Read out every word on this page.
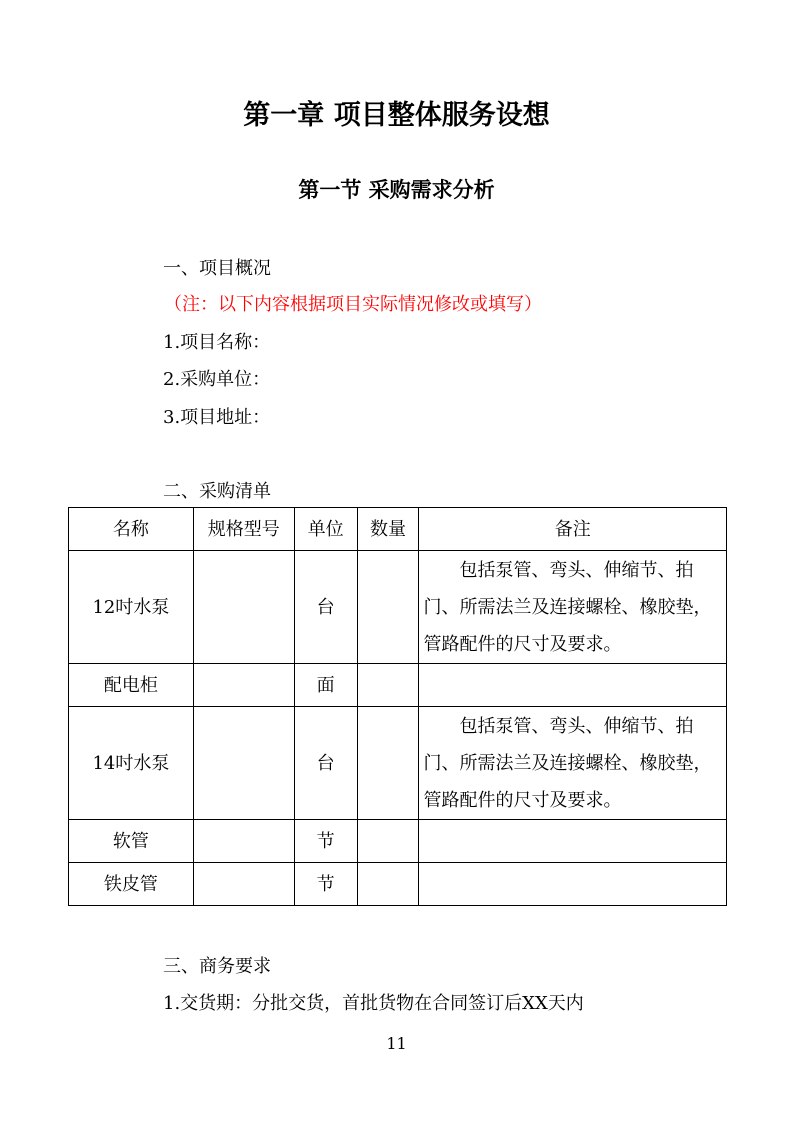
第一章 项目整体服务设想
第一节 采购需求分析

一、项目概况

（注：以下内容根据项目实际情况修改或填写）

1.项目名称：

2.采购单位：

3.项目地址：

二、采购清单

名称	规格型号	单位	数量	备注
12吋水泵		台		包括泵管、弯头、伸缩节、拍门、所需法兰及连接螺栓、橡胶垫，管路配件的尺寸及要求。
配电柜		面		
14吋水泵		台		包括泵管、弯头、伸缩节、拍门、所需法兰及连接螺栓、橡胶垫，管路配件的尺寸及要求。
软管		节		
铁皮管		节		

三、商务要求

1.交货期：分批交货，首批货物在合同签订后XX天内

11
